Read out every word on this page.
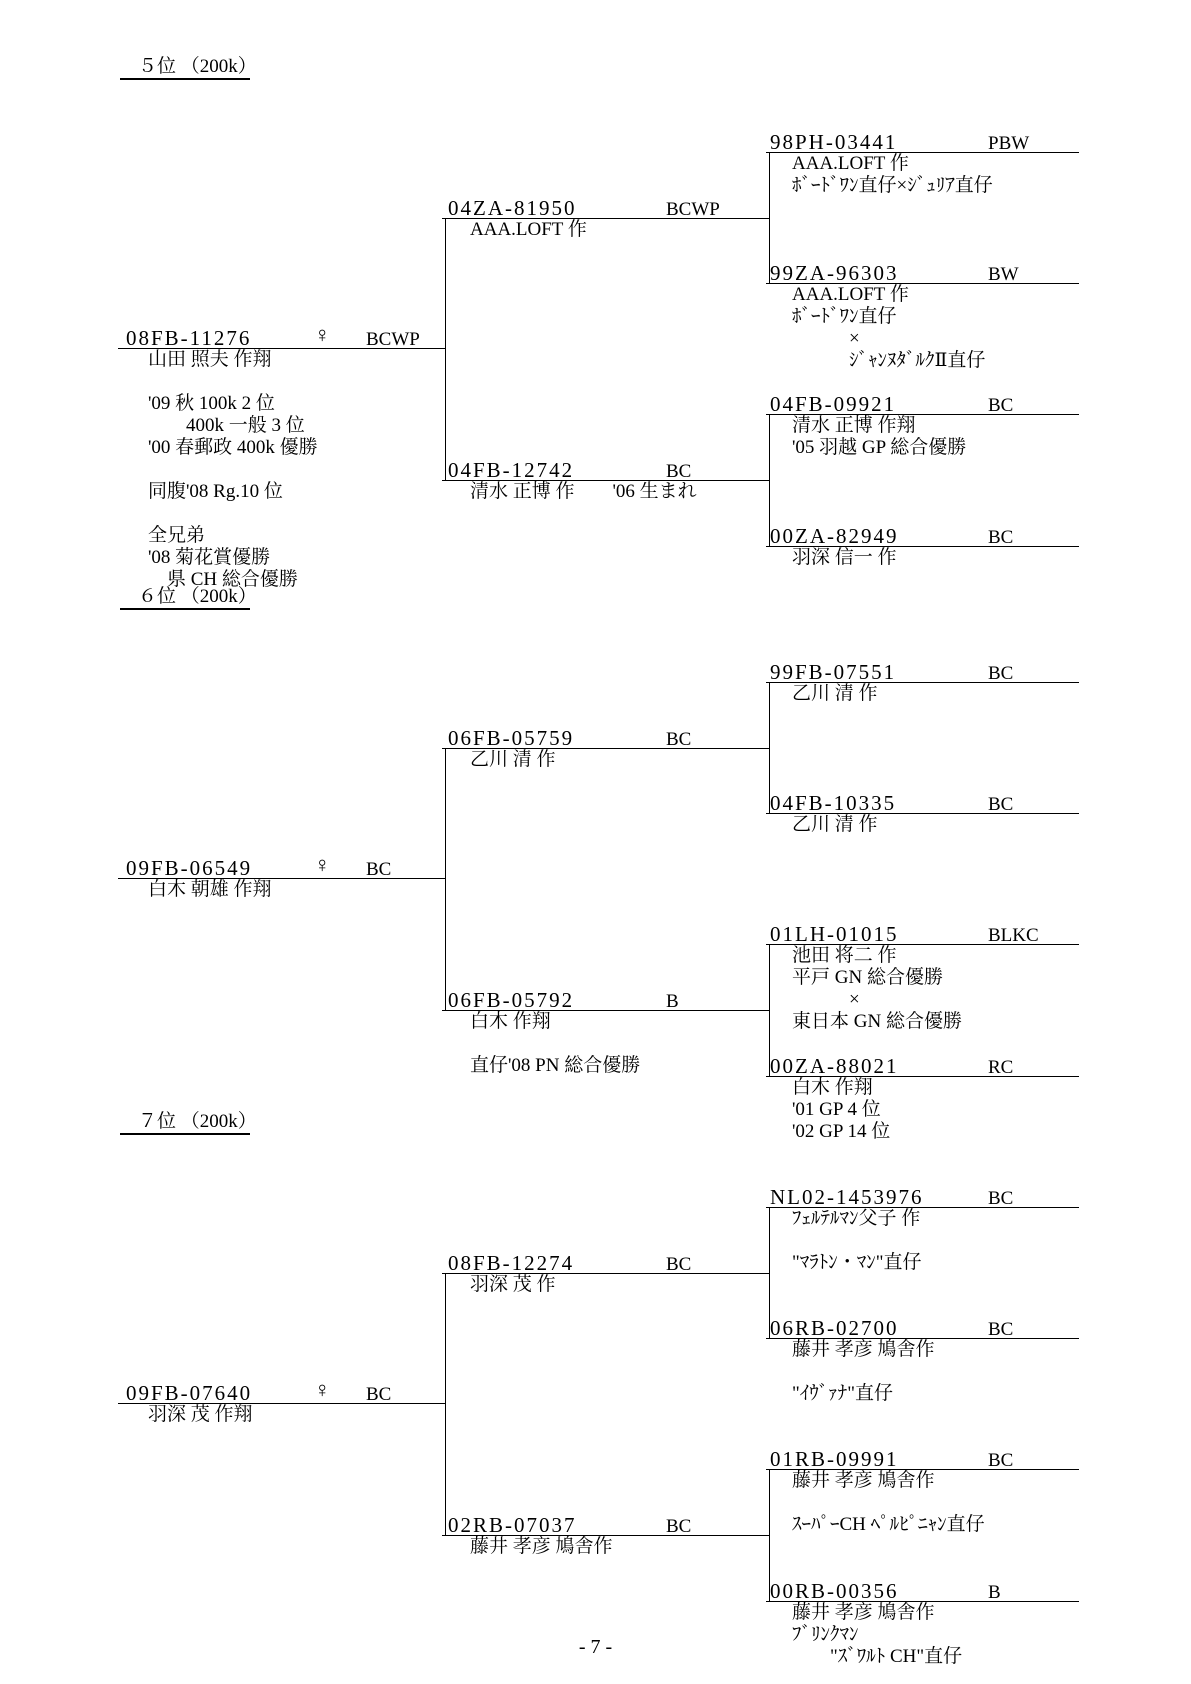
５位 （200k）
08FB-11276	♀ BCWP
山田 照夫 作翔
'09 秋 100k 2 位
　　400k 一般 3 位
'00 春郵政 400k 優勝
同腹'08 Rg.10 位
全兄弟
'08 菊花賞優勝
　県 CH 総合優勝
04ZA-81950	BCWP
AAA.LOFT 作
04FB-12742	BC
清水 正博 作　　'06 生まれ
98PH-03441	PBW
AAA.LOFT 作
ﾎﾞｰﾄﾞﾜﾝ直仔×ｼﾞｭﾘｱ直仔
99ZA-96303	BW
AAA.LOFT 作
ﾎﾞｰﾄﾞﾜﾝ直仔
　　　×
　　　ｼﾞｬﾝﾇﾀﾞﾙｸⅡ直仔
04FB-09921	BC
清水 正博 作翔
'05 羽越 GP 総合優勝
00ZA-82949	BC
羽深 信一 作
６位 （200k）
09FB-06549	♀ BC
白木 朝雄 作翔
06FB-05759	BC
乙川 清 作
06FB-05792	B
白木 作翔
直仔'08 PN 総合優勝
99FB-07551	BC
乙川 清 作
04FB-10335	BC
乙川 清 作
01LH-01015	BLKC
池田 将二 作
平戸 GN 総合優勝
　　　×
東日本 GN 総合優勝
00ZA-88021	RC
白木 作翔
'01 GP 4 位
'02 GP 14 位
７位 （200k）
09FB-07640	♀ BC
羽深 茂 作翔
08FB-12274	BC
羽深 茂 作
02RB-07037	BC
藤井 孝彦 鳩舎作
NL02-1453976	BC
ﾌｪﾙﾃﾙﾏﾝ父子 作
"ﾏﾗﾄﾝ・ﾏﾝ"直仔
06RB-02700	BC
藤井 孝彦 鳩舎作
"ｲｳﾞｧﾅ"直仔
01RB-09991	BC
藤井 孝彦 鳩舎作
ｽｰﾊﾟｰCH ﾍﾟﾙﾋﾟﾆｬﾝ直仔
00RB-00356	B
藤井 孝彦 鳩舎作
ﾌﾞﾘﾝｸﾏﾝ
　　"ｽﾞﾜﾙﾄ CH"直仔
- 7 -
